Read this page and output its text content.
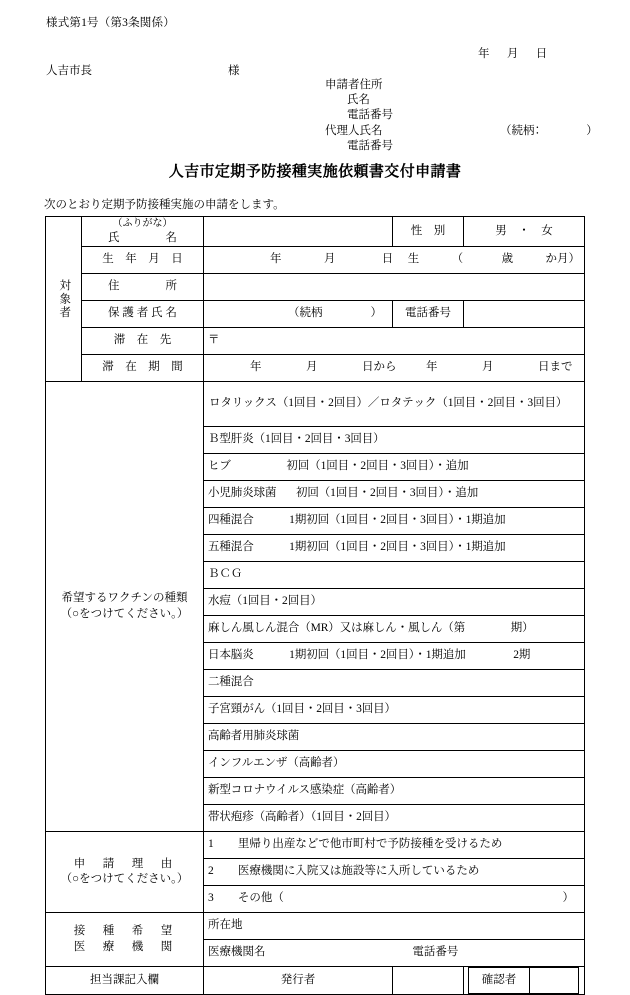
様式第1号（第3条関係）
年 月 日
人吉市長	様
申請者住所
氏名
電話番号
代理人氏名	（続柄：　　　　）
電話番号
人吉市定期予防接種実施依頼書交付申請書
次のとおり定期予防接種実施の申請をします。
対象者

（ふりがな）
氏　　　　名		性　別	男　・　女
生　年　月　日	年	月	日	生	（	歳	か月）

住　　　　所	
保 護 者 氏 名	（続柄	）	電話番号	
滞　在　先	〒
滞　在　期　間	年	月	日から	年	月	日まで

希望するワクチンの種類
（○をつけてください。）
	ロタリックス（1回目・2回目）／ロタテック（1回目・2回目・3回目）
Ｂ型肝炎（1回目・2回目・3回目）
ヒブ	初回（1回目・2回目・3回目）・追加
小児肺炎球菌 初回（1回目・2回目・3回目）・追加
四種混合	1期初回（1回目・2回目・3回目）・1期追加
五種混合	1期初回（1回目・2回目・3回目）・1期追加
ＢＣＧ
水痘（1回目・2回目）
麻しん風しん混合（MR）又は麻しん・風しん（第　　　　期）
日本脳炎	1期初回（1回目・2回目）・1期追加	2期
二種混合
子宮頸がん（1回目・2回目・3回目）
高齢者用肺炎球菌
インフルエンザ（高齢者）
新型コロナウイルス感染症（高齢者）
帯状疱疹（高齢者）（1回目・2回目）

申　請　理　由
（○をつけてください。）
	1 里帰り出産などで他市町村で予防接種を受けるため
2 医療機関に入院又は施設等に入所しているため
3 その他（	）

接　種　希　望
医　療　機　関
	所在地
医療機関名	電話番号
担当課記入欄	発行者			確認者		
